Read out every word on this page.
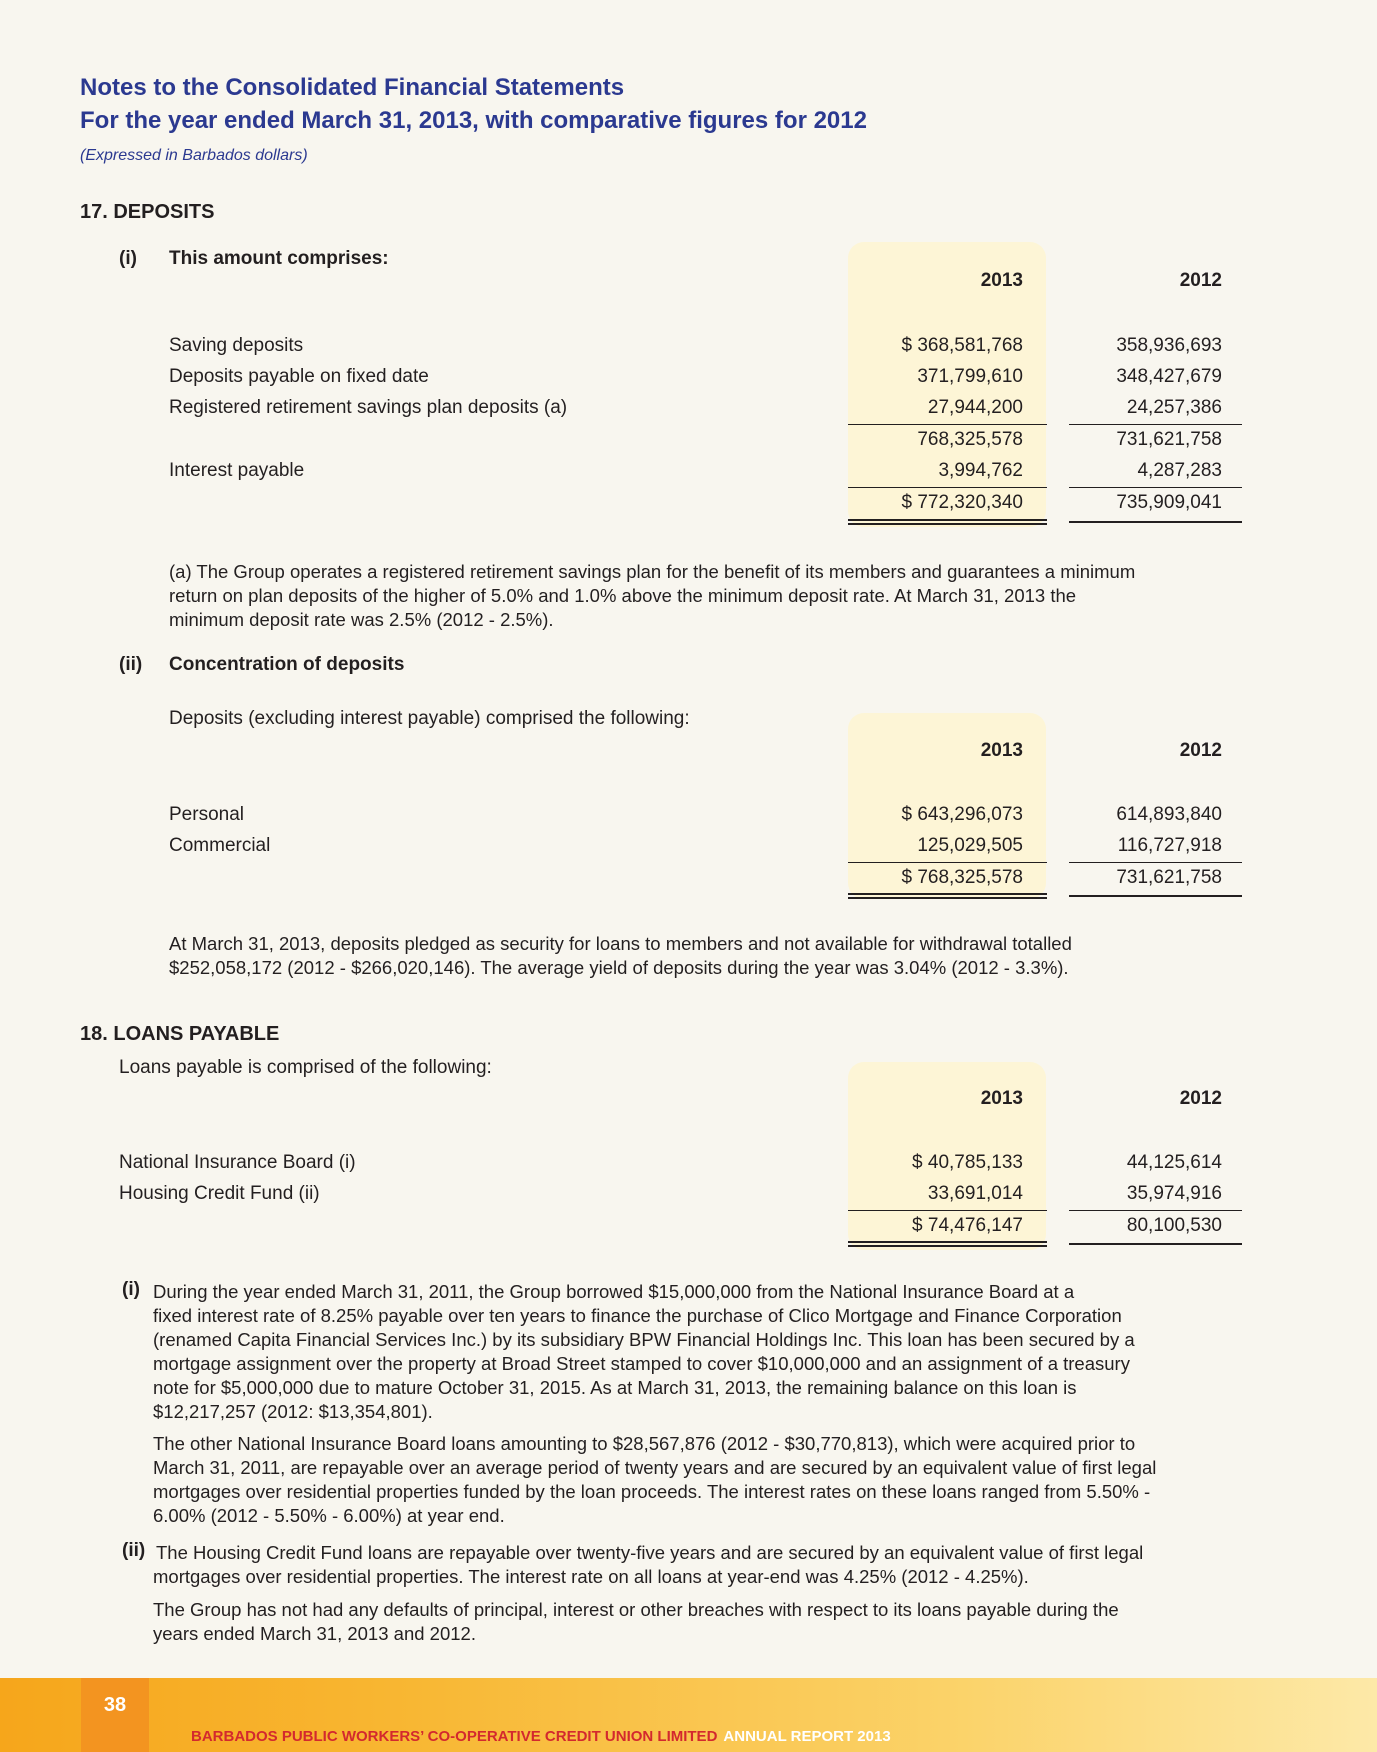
Notes to the Consolidated Financial Statements
For the year ended March 31, 2013, with comparative figures for 2012
(Expressed in Barbados dollars)
17. DEPOSITS
(i) This amount comprises:
2013	2012
Saving deposits	$ 368,581,768	358,936,693
Deposits payable on fixed date	371,799,610	348,427,679
Registered retirement savings plan deposits (a)	27,944,200	24,257,386
768,325,578	731,621,758
Interest payable	3,994,762	4,287,283
$ 772,320,340	735,909,041
(a) The Group operates a registered retirement savings plan for the benefit of its members and guarantees a minimum
return on plan deposits of the higher of 5.0% and 1.0% above the minimum deposit rate. At March 31, 2013 the
minimum deposit rate was 2.5% (2012 - 2.5%).
(ii) Concentration of deposits
Deposits (excluding interest payable) comprised the following:
2013	2012
Personal	$ 643,296,073	614,893,840
Commercial	125,029,505	116,727,918
$ 768,325,578	731,621,758
At March 31, 2013, deposits pledged as security for loans to members and not available for withdrawal totalled
$252,058,172 (2012 - $266,020,146). The average yield of deposits during the year was 3.04% (2012 - 3.3%).
18. LOANS PAYABLE
Loans payable is comprised of the following:
2013	2012
National Insurance Board (i)	$ 40,785,133	44,125,614
Housing Credit Fund (ii)	33,691,014	35,974,916
$ 74,476,147	80,100,530
(i) During the year ended March 31, 2011, the Group borrowed $15,000,000 from the National Insurance Board at a
fixed interest rate of 8.25% payable over ten years to finance the purchase of Clico Mortgage and Finance Corporation
(renamed Capita Financial Services Inc.) by its subsidiary BPW Financial Holdings Inc. This loan has been secured by a
mortgage assignment over the property at Broad Street stamped to cover $10,000,000 and an assignment of a treasury
note for $5,000,000 due to mature October 31, 2015. As at March 31, 2013, the remaining balance on this loan is
$12,217,257 (2012: $13,354,801).
The other National Insurance Board loans amounting to $28,567,876 (2012 - $30,770,813), which were acquired prior to
March 31, 2011, are repayable over an average period of twenty years and are secured by an equivalent value of first legal
mortgages over residential properties funded by the loan proceeds. The interest rates on these loans ranged from 5.50% -
6.00% (2012 - 5.50% - 6.00%) at year end.
(ii) The Housing Credit Fund loans are repayable over twenty-five years and are secured by an equivalent value of first legal
mortgages over residential properties. The interest rate on all loans at year-end was 4.25% (2012 - 4.25%).
The Group has not had any defaults of principal, interest or other breaches with respect to its loans payable during the
years ended March 31, 2013 and 2012.
38
BARBADOS PUBLIC WORKERS’ CO-OPERATIVE CREDIT UNION LIMITED ANNUAL REPORT 2013
